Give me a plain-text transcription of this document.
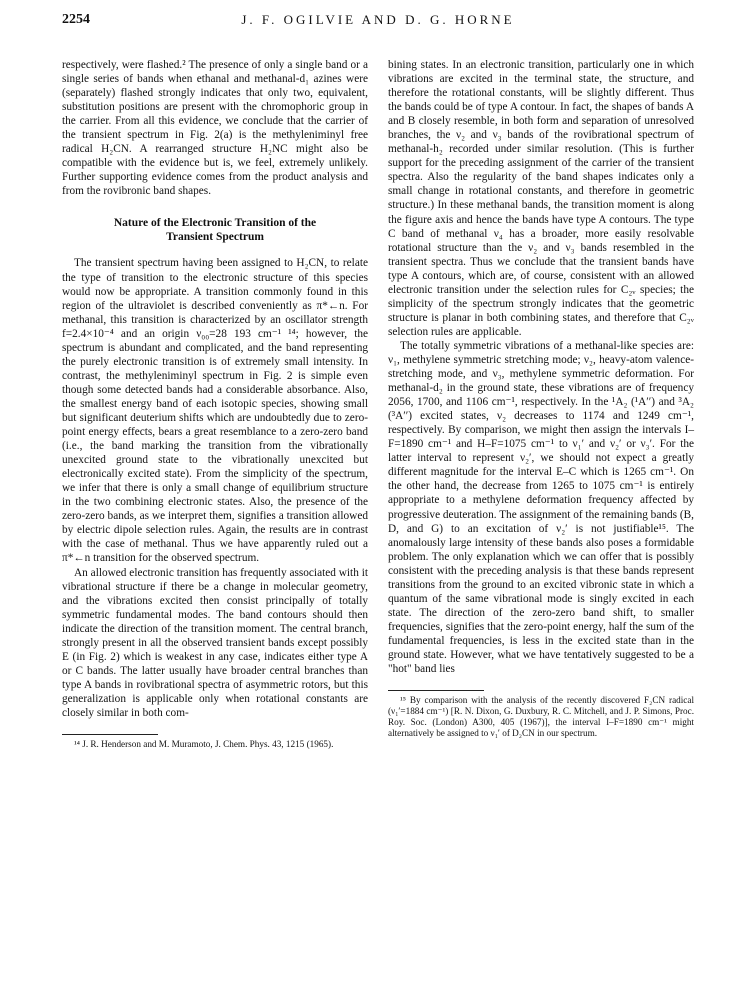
2254	J. F. OGILVIE AND D. G. HORNE

respectively, were flashed.² The presence of only a single band or a single series of bands when ethanal and methanal-d₁ azines were (separately) flashed strongly indicates that only two, equivalent, substitution positions are present with the chromophoric group in the carrier. From all this evidence, we conclude that the carrier of the transient spectrum in Fig. 2(a) is the methyleniminyl free radical H₂CN. A rearranged structure H₂NC might also be compatible with the evidence but is, we feel, extremely unlikely. Further supporting evidence comes from the product analysis and from the rovibronic band shapes.

Nature of the Electronic Transition of the
Transient Spectrum

The transient spectrum having been assigned to H₂CN, to relate the type of transition to the electronic structure of this species would now be appropriate. A transition commonly found in this region of the ultraviolet is described conveniently as π*←n. For methanal, this transition is characterized by an oscillator strength f=2.4×10⁻⁴ and an origin ν₀₀=28 193 cm⁻¹ ¹⁴; however, the spectrum is abundant and complicated, and the band representing the purely electronic transition is of extremely small intensity. In contrast, the methyleniminyl spectrum in Fig. 2 is simple even though some detected bands had a considerable absorbance. Also, the smallest energy band of each isotopic species, showing small but significant deuterium shifts which are undoubtedly due to zero-point energy effects, bears a great resemblance to a zero-zero band (i.e., the band marking the transition from the vibrationally unexcited ground state to the vibrationally unexcited but electronically excited state). From the simplicity of the spectrum, we infer that there is only a small change of equilibrium structure in the two combining electronic states. Also, the presence of the zero-zero bands, as we interpret them, signifies a transition allowed by electric dipole selection rules. Again, the results are in contrast with the case of methanal. Thus we have apparently ruled out a π*←n transition for the observed spectrum.

An allowed electronic transition has frequently associated with it vibrational structure if there be a change in molecular geometry, and the vibrations excited then consist principally of totally symmetric fundamental modes. The band contours should then indicate the direction of the transition moment. The central branch, strongly present in all the observed transient bands except possibly E (in Fig. 2) which is weakest in any case, indicates either type A or C bands. The latter usually have broader central branches than type A bands in rovibrational spectra of asymmetric rotors, but this generalization is applicable only when rotational constants are closely similar in both com-

¹⁴ J. R. Henderson and M. Muramoto, J. Chem. Phys. 43, 1215 (1965).

bining states. In an electronic transition, particularly one in which vibrations are excited in the terminal state, the structure, and therefore the rotational constants, will be slightly different. Thus the bands could be of type A contour. In fact, the shapes of bands A and B closely resemble, in both form and separation of unresolved branches, the ν₂ and ν₃ bands of the rovibrational spectrum of methanal-h₂ recorded under similar resolution. (This is further support for the preceding assignment of the carrier of the transient spectra. Also the regularity of the band shapes indicates only a small change in rotational constants, and therefore in geometric structure.) In these methanal bands, the transition moment is along the figure axis and hence the bands have type A contours. The type C band of methanal ν₄ has a broader, more easily resolvable rotational structure than the ν₂ and ν₃ bands resembled in the transient spectra. Thus we conclude that the transient bands have type A contours, which are, of course, consistent with an allowed electronic transition under the selection rules for C₂ᵥ species; the simplicity of the spectrum strongly indicates that the geometric structure is planar in both combining states, and therefore that C₂ᵥ selection rules are applicable.

The totally symmetric vibrations of a methanal-like species are: ν₁, methylene symmetric stretching mode; ν₂, heavy-atom valence-stretching mode, and ν₃, methylene symmetric deformation. For methanal-d₂ in the ground state, these vibrations are of frequency 2056, 1700, and 1106 cm⁻¹, respectively. In the ¹A₂ (¹A′′) and ³A₂ (³A′′) excited states, ν₂ decreases to 1174 and 1249 cm⁻¹, respectively. By comparison, we might then assign the intervals I–F=1890 cm⁻¹ and H–F=1075 cm⁻¹ to ν₁′ and ν₂′ or ν₃′. For the latter interval to represent ν₂′, we should not expect a greatly different magnitude for the interval E–C which is 1265 cm⁻¹. On the other hand, the decrease from 1265 to 1075 cm⁻¹ is entirely appropriate to a methylene deformation frequency affected by progressive deuteration. The assignment of the remaining bands (B, D, and G) to an excitation of ν₂′ is not justifiable¹⁵. The anomalously large intensity of these bands also poses a formidable problem. The only explanation which we can offer that is possibly consistent with the preceding analysis is that these bands represent transitions from the ground to an excited vibronic state in which a quantum of the same vibrational mode is singly excited in each state. The direction of the zero-zero band shift, to smaller frequencies, signifies that the zero-point energy, half the sum of the fundamental frequencies, is less in the excited state than in the ground state. However, what we have tentatively suggested to be a "hot" band lies

¹⁵ By comparison with the analysis of the recently discovered F₂CN radical (ν₁′=1884 cm⁻¹) [R. N. Dixon, G. Duxbury, R. C. Mitchell, and J. P. Simons, Proc. Roy. Soc. (London) A300, 405 (1967)], the interval I–F=1890 cm⁻¹ might alternatively be assigned to ν₁′ of D₂CN in our spectrum.
